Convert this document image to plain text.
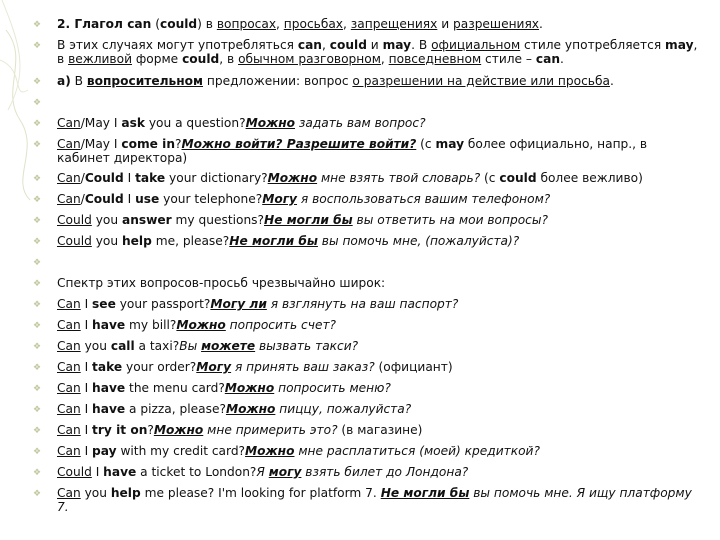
❖ 2. Глагол can (could) в вопросах, просьбах, запрещениях и разрешениях.
❖ В этих случаях могут употребляться can, could и may. В официальном стиле употребляется may,
в вежливой форме could, в обычном разговорном, повседневном стиле – can.
❖ а) В вопросительном предложении: вопрос о разрешении на действие или просьба.
❖
❖ Can/May I ask you a question?Можно задать вам вопрос?
❖ Can/May I come in?Можно войти? Разрешите войти? (с may более официально, напр., в
кабинет директора)
❖ Can/Could I take your dictionary?Можно мне взять твой словарь? (с could более вежливо)
❖ Can/Could I use your telephone?Могу я воспользоваться вашим телефоном?
❖ Could you answer my questions?Не могли бы вы ответить на мои вопросы?
❖ Could you help me, please?Не могли бы вы помочь мне, (пожалуйста)?
❖
❖ Спектр этих вопросов-просьб чрезвычайно широк:
❖ Can I see your passport?Могу ли я взглянуть на ваш паспорт?
❖ Can I have my bill?Можно попросить счет?
❖ Can you call a taxi?Вы можете вызвать такси?
❖ Can I take your order?Могу я принять ваш заказ? (официант)
❖ Can I have the menu card?Можно попросить меню?
❖ Can I have a pizza, please?Можно пиццу, пожалуйста?
❖ Can I try it on?Можно мне примерить это? (в магазине)
❖ Can I pay with my credit card?Можно мне расплатиться (моей) кредиткой?
❖ Could I have a ticket to London?Я могу взять билет до Лондона?
❖ Can you help me please? I'm looking for platform 7. Не могли бы вы помочь мне. Я ищу платформу 7.
